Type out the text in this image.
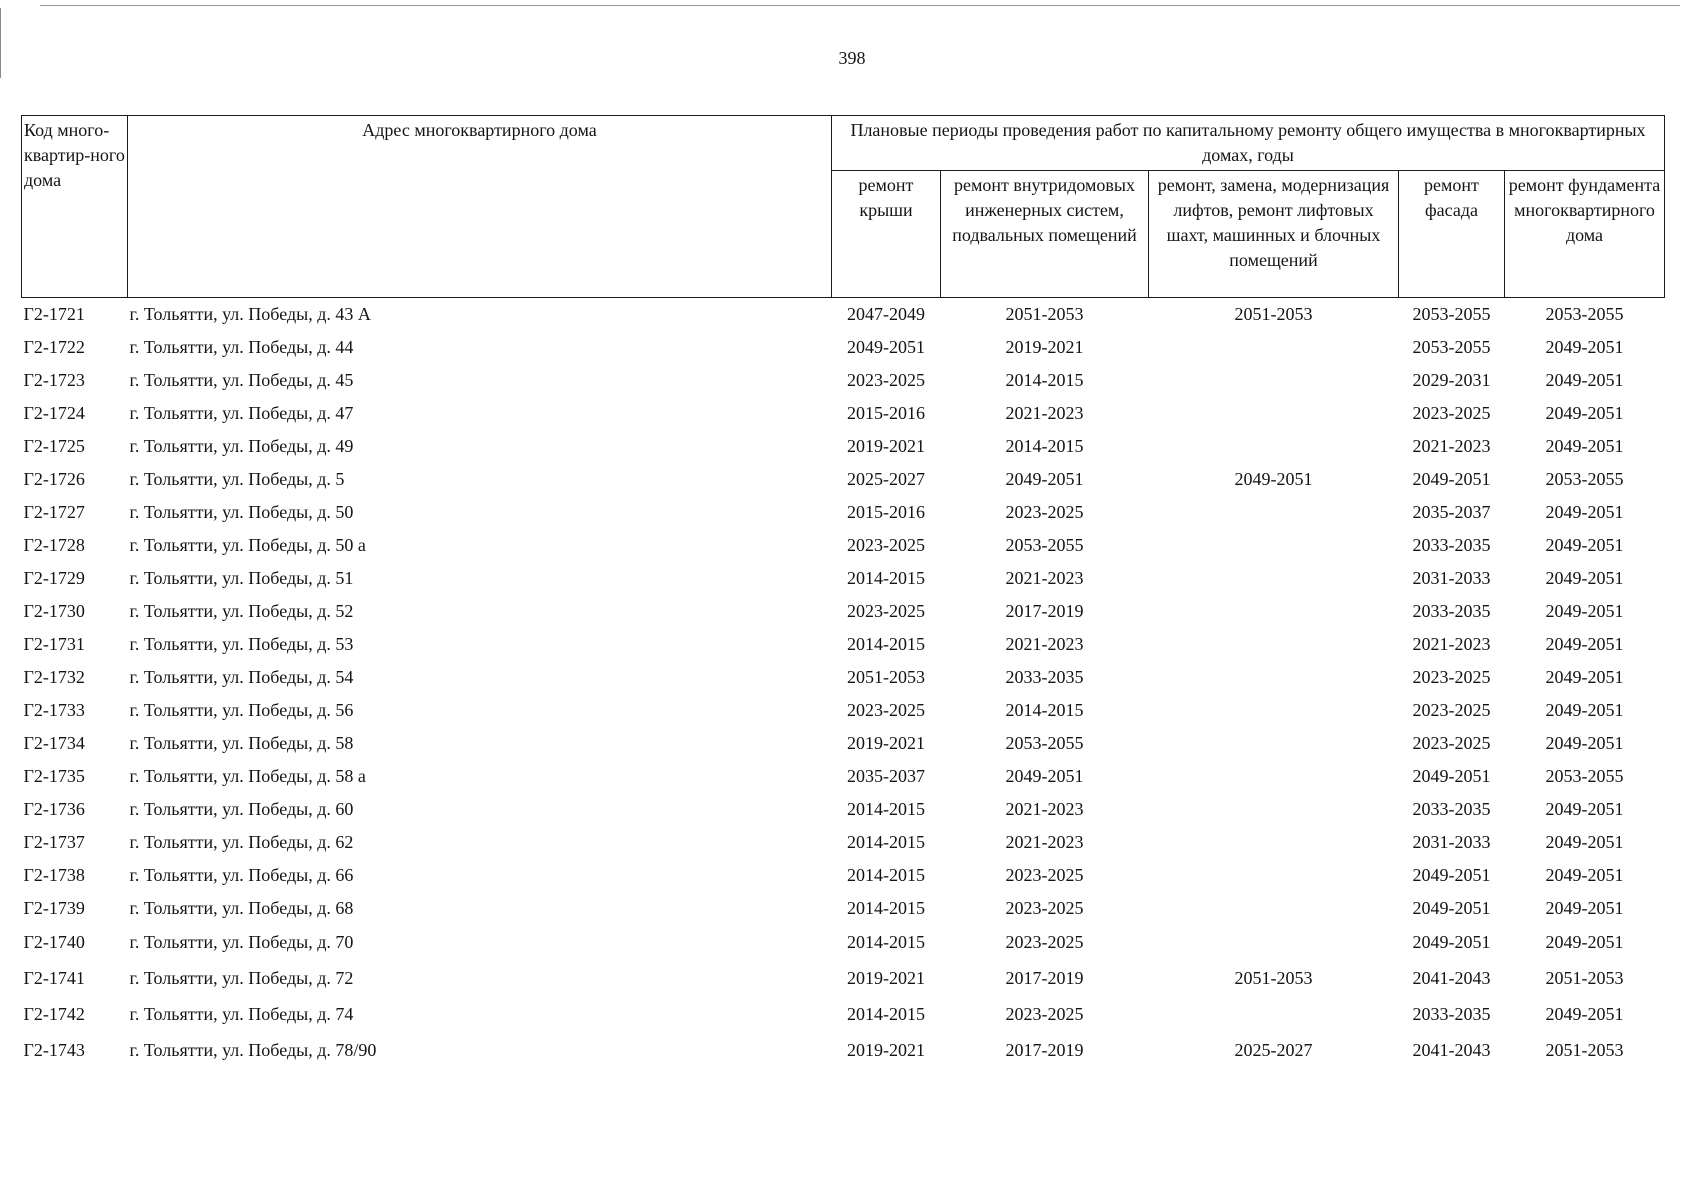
398
Код много-квартир-ного дома	Адрес многоквартирного дома	Плановые периоды проведения работ по капитальному ремонту общего имущества в многоквартирных домах, годы				
		ремонт крыши	ремонт внутридомовых инженерных систем, подвальных помещений	ремонт, замена, модернизация лифтов, ремонт лифтовых шахт, машинных и блочных помещений	ремонт фасада	ремонт фундамента многоквартирного дома
Г2-1721	г. Тольятти, ул. Победы, д. 43 А	2047-2049	2051-2053	2051-2053	2053-2055	2053-2055
Г2-1722	г. Тольятти, ул. Победы, д. 44	2049-2051	2019-2021		2053-2055	2049-2051
Г2-1723	г. Тольятти, ул. Победы, д. 45	2023-2025	2014-2015		2029-2031	2049-2051
Г2-1724	г. Тольятти, ул. Победы, д. 47	2015-2016	2021-2023		2023-2025	2049-2051
Г2-1725	г. Тольятти, ул. Победы, д. 49	2019-2021	2014-2015		2021-2023	2049-2051
Г2-1726	г. Тольятти, ул. Победы, д. 5	2025-2027	2049-2051	2049-2051	2049-2051	2053-2055
Г2-1727	г. Тольятти, ул. Победы, д. 50	2015-2016	2023-2025		2035-2037	2049-2051
Г2-1728	г. Тольятти, ул. Победы, д. 50 а	2023-2025	2053-2055		2033-2035	2049-2051
Г2-1729	г. Тольятти, ул. Победы, д. 51	2014-2015	2021-2023		2031-2033	2049-2051
Г2-1730	г. Тольятти, ул. Победы, д. 52	2023-2025	2017-2019		2033-2035	2049-2051
Г2-1731	г. Тольятти, ул. Победы, д. 53	2014-2015	2021-2023		2021-2023	2049-2051
Г2-1732	г. Тольятти, ул. Победы, д. 54	2051-2053	2033-2035		2023-2025	2049-2051
Г2-1733	г. Тольятти, ул. Победы, д. 56	2023-2025	2014-2015		2023-2025	2049-2051
Г2-1734	г. Тольятти, ул. Победы, д. 58	2019-2021	2053-2055		2023-2025	2049-2051
Г2-1735	г. Тольятти, ул. Победы, д. 58 а	2035-2037	2049-2051		2049-2051	2053-2055
Г2-1736	г. Тольятти, ул. Победы, д. 60	2014-2015	2021-2023		2033-2035	2049-2051
Г2-1737	г. Тольятти, ул. Победы, д. 62	2014-2015	2021-2023		2031-2033	2049-2051
Г2-1738	г. Тольятти, ул. Победы, д. 66	2014-2015	2023-2025		2049-2051	2049-2051
Г2-1739	г. Тольятти, ул. Победы, д. 68	2014-2015	2023-2025		2049-2051	2049-2051
Г2-1740	г. Тольятти, ул. Победы, д. 70	2014-2015	2023-2025		2049-2051	2049-2051
Г2-1741	г. Тольятти, ул. Победы, д. 72	2019-2021	2017-2019	2051-2053	2041-2043	2051-2053
Г2-1742	г. Тольятти, ул. Победы, д. 74	2014-2015	2023-2025		2033-2035	2049-2051
Г2-1743	г. Тольятти, ул. Победы, д. 78/90	2019-2021	2017-2019	2025-2027	2041-2043	2051-2053
